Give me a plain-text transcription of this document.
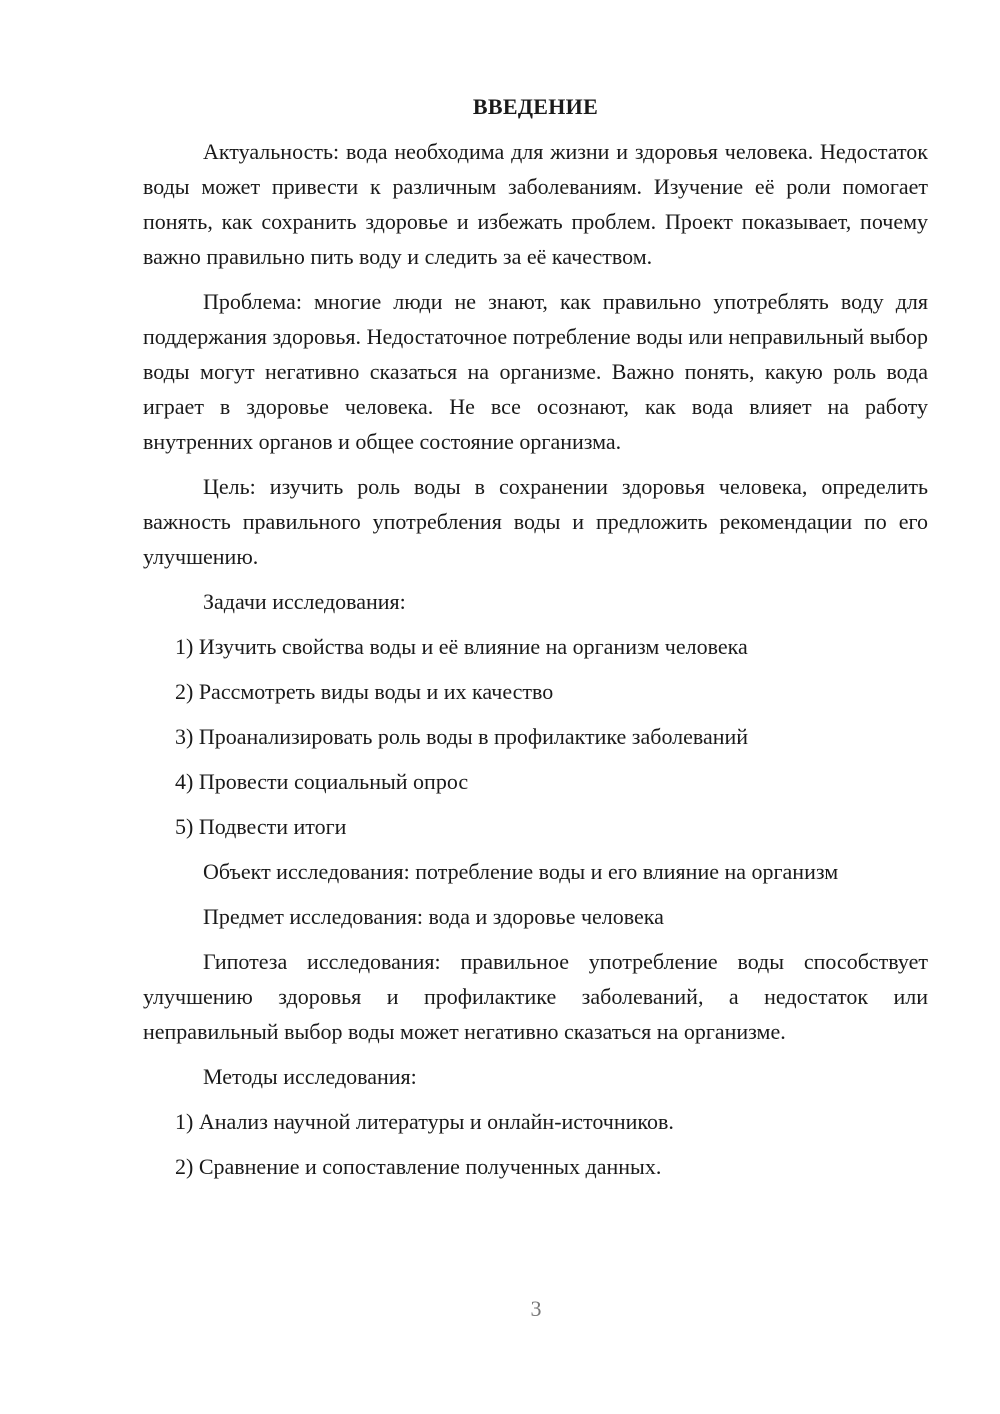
ВВЕДЕНИЕ

Актуальность: вода необходима для жизни и здоровья человека. Недостаток воды может привести к различным заболеваниям. Изучение её роли помогает понять, как сохранить здоровье и избежать проблем. Проект показывает, почему важно правильно пить воду и следить за её качеством.

Проблема: многие люди не знают, как правильно употреблять воду для поддержания здоровья. Недостаточное потребление воды или неправильный выбор воды могут негативно сказаться на организме. Важно понять, какую роль вода играет в здоровье человека. Не все осознают, как вода влияет на работу внутренних органов и общее состояние организма.

Цель: изучить роль воды в сохранении здоровья человека, определить важность правильного употребления воды и предложить рекомендации по его улучшению.

Задачи исследования:
1) Изучить свойства воды и её влияние на организм человека
2) Рассмотреть виды воды и их качество
3) Проанализировать роль воды в профилактике заболеваний
4) Провести социальный опрос
5) Подвести итоги
Объект исследования: потребление воды и его влияние на организм
Предмет исследования: вода и здоровье человека

Гипотеза исследования: правильное употребление воды способствует улучшению здоровья и профилактике заболеваний, а недостаток или неправильный выбор воды может негативно сказаться на организме.

Методы исследования:
1) Анализ научной литературы и онлайн-источников.
2) Сравнение и сопоставление полученных данных.
3
